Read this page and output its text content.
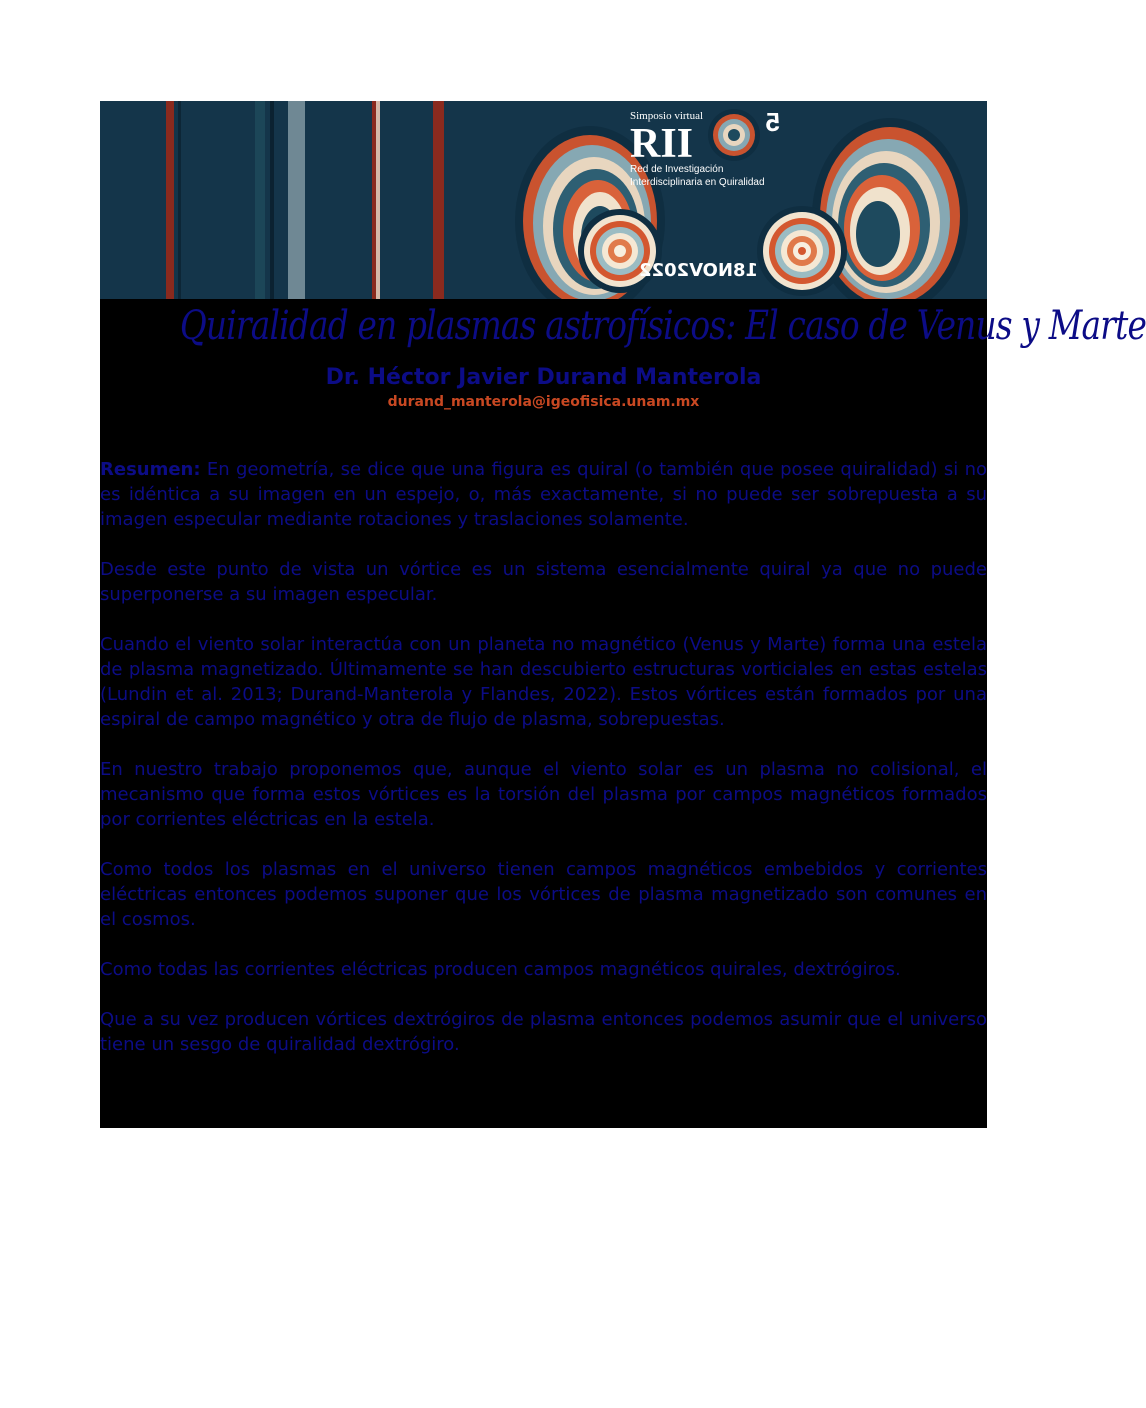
Simposio virtual
RII	5
Red de Investigación
Interdisciplinaria en Quiralidad
18NOV2022
Quiralidad en plasmas astrofísicos: El caso de Venus y Marte
Dr. Héctor Javier Durand Manterola
durand_manterola@igeofisica.unam.mx

Resumen: En geometría, se dice que una figura es quiral (o también que posee quiralidad) si no es idéntica a su imagen en un espejo, o, más exactamente, si no puede ser sobrepuesta a su imagen especular mediante rotaciones y traslaciones solamente.

Desde este punto de vista un vórtice es un sistema esencialmente quiral ya que no puede superponerse a su imagen especular.

Cuando el viento solar interactúa con un planeta no magnético (Venus y Marte) forma una estela de plasma magnetizado. Últimamente se han descubierto estructuras vorticiales en estas estelas (Lundin et al. 2013; Durand-Manterola y Flandes, 2022). Estos vórtices están formados por una espiral de campo magnético y otra de flujo de plasma, sobrepuestas.

En nuestro trabajo proponemos que, aunque el viento solar es un plasma no colisional, el mecanismo que forma estos vórtices es la torsión del plasma por campos magnéticos formados por corrientes eléctricas en la estela.

Como todos los plasmas en el universo tienen campos magnéticos embebidos y corrientes eléctricas entonces podemos suponer que los vórtices de plasma magnetizado son comunes en el cosmos.

Como todas las corrientes eléctricas producen campos magnéticos quirales, dextrógiros.

Que a su vez producen vórtices dextrógiros de plasma entonces podemos asumir que el universo tiene un sesgo de quiralidad dextrógiro.
